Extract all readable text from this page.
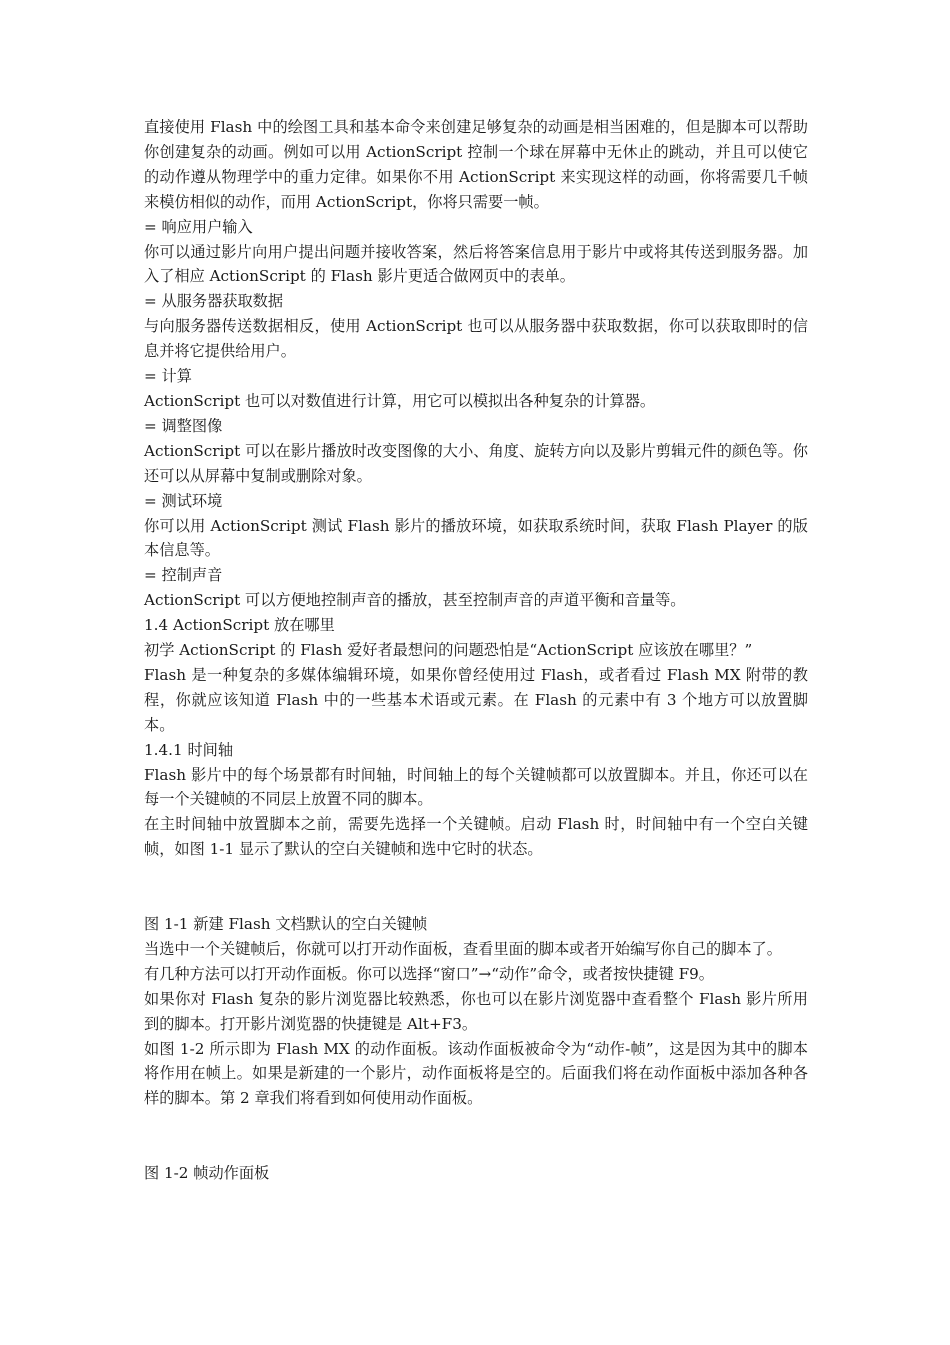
直接使用 Flash 中的绘图工具和基本命令来创建足够复杂的动画是相当困难的，但是脚本可以帮助你创建复杂的动画。例如可以用 ActionScript 控制一个球在屏幕中无休止的跳动，并且可以使它的动作遵从物理学中的重力定律。如果你不用 ActionScript 来实现这样的动画，你将需要几千帧来模仿相似的动作，而用 ActionScript，你将只需要一帧。

= 响应用户输入

你可以通过影片向用户提出问题并接收答案，然后将答案信息用于影片中或将其传送到服务器。加入了相应 ActionScript 的 Flash 影片更适合做网页中的表单。

= 从服务器获取数据

与向服务器传送数据相反，使用 ActionScript 也可以从服务器中获取数据，你可以获取即时的信息并将它提供给用户。

= 计算

ActionScript 也可以对数值进行计算，用它可以模拟出各种复杂的计算器。

= 调整图像

ActionScript 可以在影片播放时改变图像的大小、角度、旋转方向以及影片剪辑元件的颜色等。你还可以从屏幕中复制或删除对象。

= 测试环境

你可以用 ActionScript 测试 Flash 影片的播放环境，如获取系统时间，获取 Flash Player 的版本信息等。

= 控制声音

ActionScript 可以方便地控制声音的播放，甚至控制声音的声道平衡和音量等。

1.4 ActionScript 放在哪里

初学 ActionScript 的 Flash 爱好者最想问的问题恐怕是“ActionScript 应该放在哪里？”

Flash 是一种复杂的多媒体编辑环境，如果你曾经使用过 Flash，或者看过 Flash MX 附带的教程，你就应该知道 Flash 中的一些基本术语或元素。在 Flash 的元素中有 3 个地方可以放置脚本。

1.4.1 时间轴

Flash 影片中的每个场景都有时间轴，时间轴上的每个关键帧都可以放置脚本。并且，你还可以在每一个关键帧的不同层上放置不同的脚本。

在主时间轴中放置脚本之前，需要先选择一个关键帧。启动 Flash 时，时间轴中有一个空白关键帧，如图 1-1 显示了默认的空白关键帧和选中它时的状态。

图 1-1 新建 Flash 文档默认的空白关键帧

当选中一个关键帧后，你就可以打开动作面板，查看里面的脚本或者开始编写你自己的脚本了。

有几种方法可以打开动作面板。你可以选择“窗口”→“动作”命令，或者按快捷键 F9。

如果你对 Flash 复杂的影片浏览器比较熟悉，你也可以在影片浏览器中查看整个 Flash 影片所用到的脚本。打开影片浏览器的快捷键是 Alt+F3。

如图 1-2 所示即为 Flash MX 的动作面板。该动作面板被命令为“动作-帧”，这是因为其中的脚本将作用在帧上。如果是新建的一个影片，动作面板将是空的。后面我们将在动作面板中添加各种各样的脚本。第 2 章我们将看到如何使用动作面板。

图 1-2 帧动作面板
